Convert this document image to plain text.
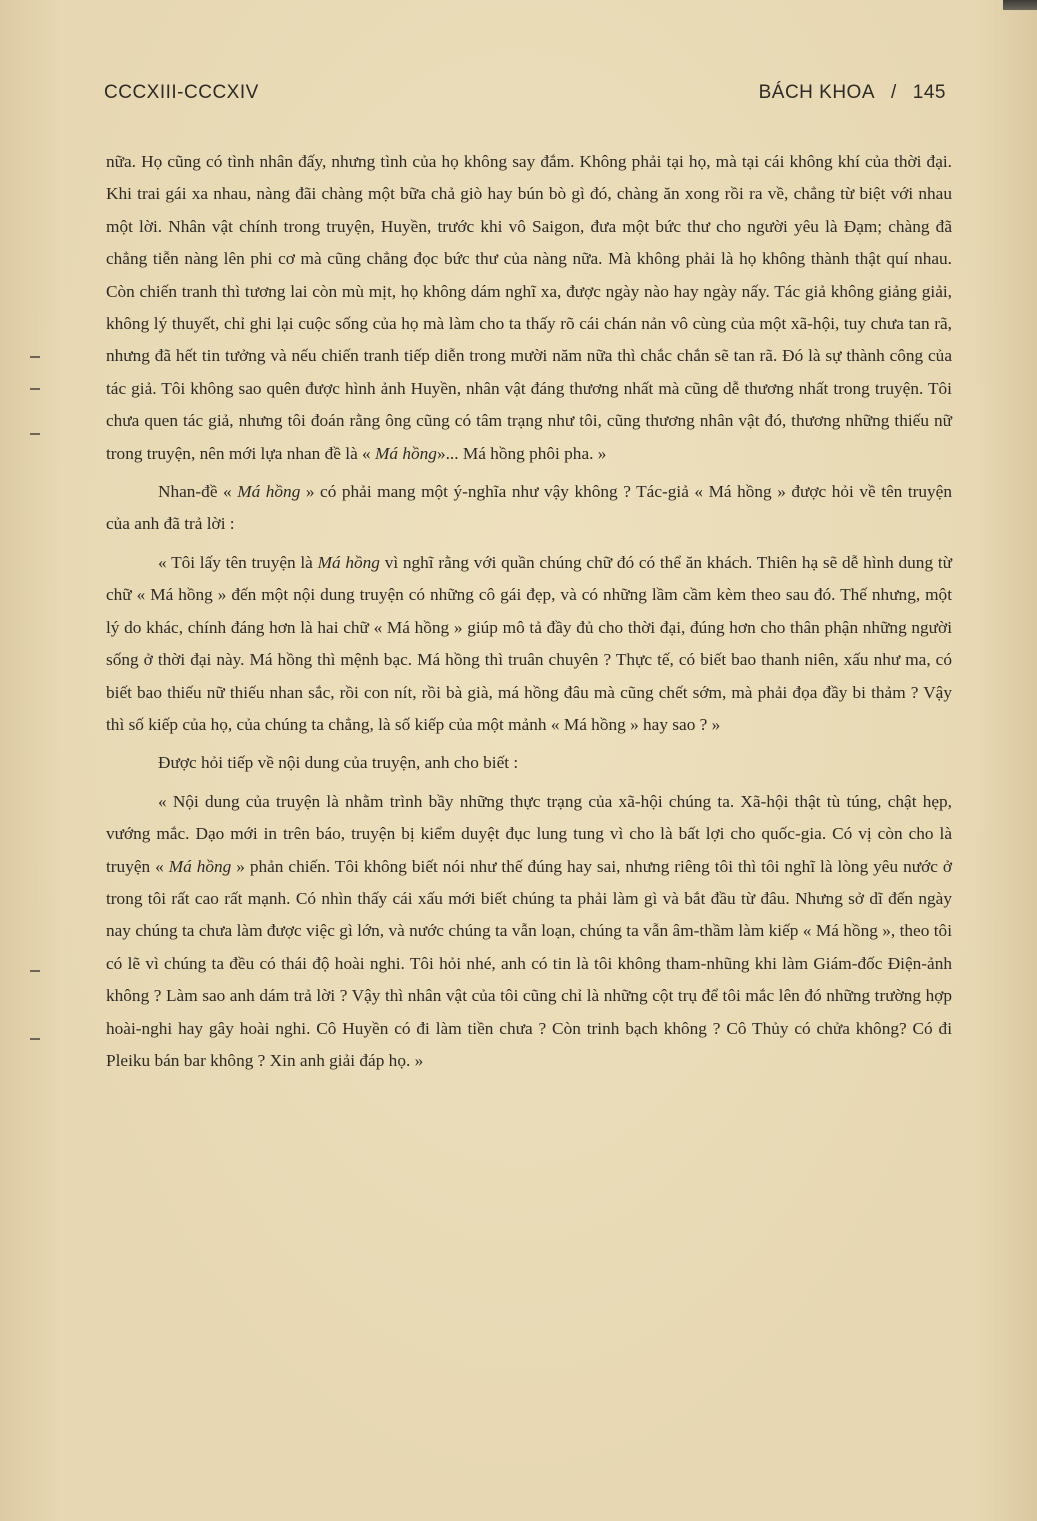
CCCXIII-CCCXIV	BÁCH KHOA / 145

nữa. Họ cũng có tình nhân đấy, nhưng tình của họ không say đắm. Không phải tại họ, mà tại cái không khí của thời đại. Khi trai gái xa nhau, nàng đãi chàng một bữa chả giò hay bún bò gì đó, chàng ăn xong rồi ra về, chẳng từ biệt với nhau một lời. Nhân vật chính trong truyện, Huyền, trước khi vô Saigon, đưa một bức thư cho người yêu là Đạm; chàng đã chẳng tiễn nàng lên phi cơ mà cũng chẳng đọc bức thư của nàng nữa. Mà không phải là họ không thành thật quí nhau. Còn chiến tranh thì tương lai còn mù mịt, họ không dám nghĩ xa, được ngày nào hay ngày nấy. Tác giả không giảng giải, không lý thuyết, chỉ ghi lại cuộc sống của họ mà làm cho ta thấy rõ cái chán nản vô cùng của một xã-hội, tuy chưa tan rã, nhưng đã hết tin tưởng và nếu chiến tranh tiếp diễn trong mười năm nữa thì chắc chắn sẽ tan rã. Đó là sự thành công của tác giả. Tôi không sao quên được hình ảnh Huyền, nhân vật đáng thương nhất mà cũng dễ thương nhất trong truyện. Tôi chưa quen tác giả, nhưng tôi đoán rằng ông cũng có tâm trạng như tôi, cũng thương nhân vật đó, thương những thiếu nữ trong truyện, nên mới lựa nhan đề là « Má hồng»... Má hồng phôi pha. »

Nhan-đề « Má hồng » có phải mang một ý-nghĩa như vậy không ? Tác-giả « Má hồng » được hỏi về tên truyện của anh đã trả lời :

« Tôi lấy tên truyện là Má hồng vì nghĩ rằng với quần chúng chữ đó có thể ăn khách. Thiên hạ sẽ dễ hình dung từ chữ « Má hồng » đến một nội dung truyện có những cô gái đẹp, và có những lầm cầm kèm theo sau đó. Thế nhưng, một lý do khác, chính đáng hơn là hai chữ « Má hồng » giúp mô tả đầy đủ cho thời đại, đúng hơn cho thân phận những người sống ở thời đại này. Má hồng thì mệnh bạc. Má hồng thì truân chuyên ? Thực tế, có biết bao thanh niên, xấu như ma, có biết bao thiếu nữ thiếu nhan sắc, rồi con nít, rồi bà già, má hồng đâu mà cũng chết sớm, mà phải đọa đầy bi thảm ? Vậy thì số kiếp của họ, của chúng ta chẳng, là số kiếp của một mảnh « Má hồng » hay sao ? »

Được hỏi tiếp về nội dung của truyện, anh cho biết :

« Nội dung của truyện là nhằm trình bầy những thực trạng của xã-hội chúng ta. Xã-hội thật tù túng, chật hẹp, vướng mắc. Dạo mới in trên báo, truyện bị kiểm duyệt đục lung tung vì cho là bất lợi cho quốc-gia. Có vị còn cho là truyện « Má hồng » phản chiến. Tôi không biết nói như thế đúng hay sai, nhưng riêng tôi thì tôi nghĩ là lòng yêu nước ở trong tôi rất cao rất mạnh. Có nhìn thấy cái xấu mới biết chúng ta phải làm gì và bắt đầu từ đâu. Nhưng sở dĩ đến ngày nay chúng ta chưa làm được việc gì lớn, và nước chúng ta vẫn loạn, chúng ta vẫn âm-thầm làm kiếp « Má hồng », theo tôi có lẽ vì chúng ta đều có thái độ hoài nghi. Tôi hỏi nhé, anh có tin là tôi không tham-nhũng khi làm Giám-đốc Điện-ảnh không ? Làm sao anh dám trả lời ? Vậy thì nhân vật của tôi cũng chỉ là những cột trụ để tôi mắc lên đó những trường hợp hoài-nghi hay gây hoài nghi. Cô Huyền có đi làm tiền chưa ? Còn trinh bạch không ? Cô Thủy có chửa không? Có đi Pleiku bán bar không ? Xin anh giải đáp họ. »
